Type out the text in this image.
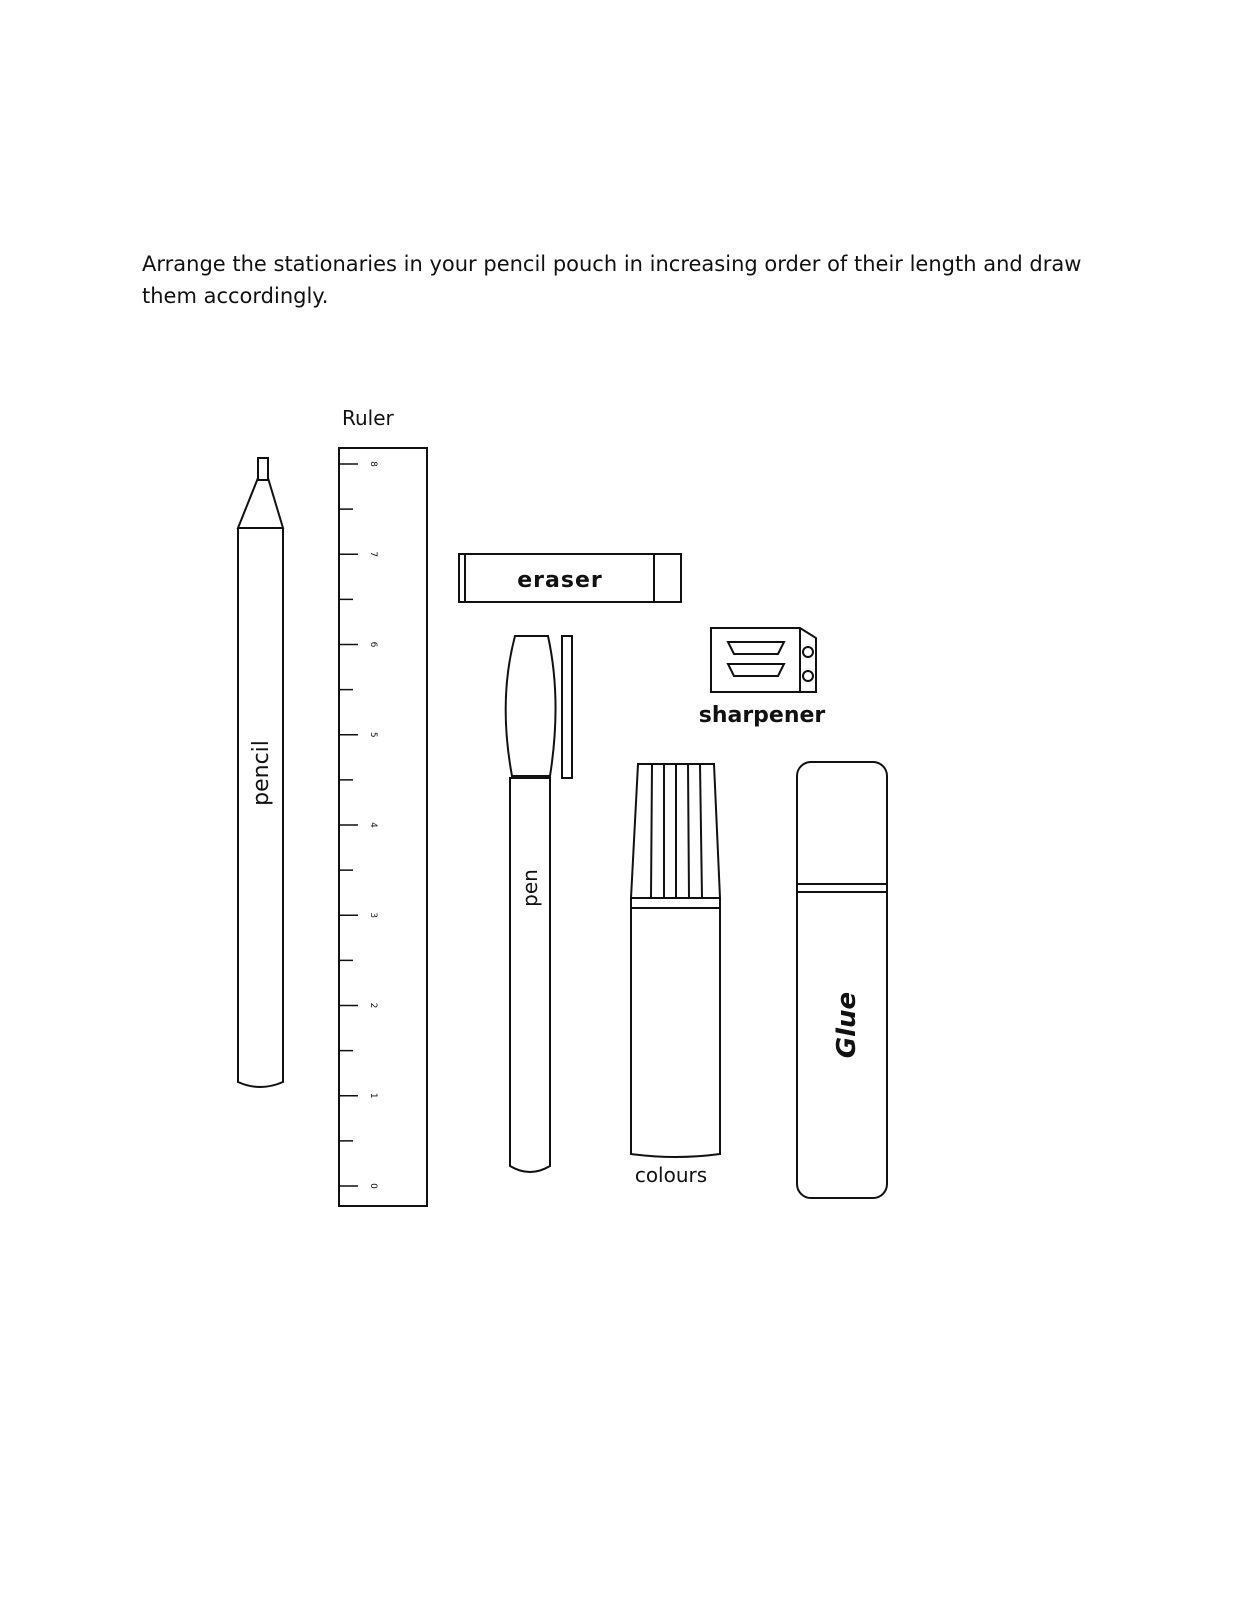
Arrange the stationaries in your pencil pouch in increasing order of their length and draw them accordingly.
pencil
Ruler
8
7
6
5
4
3
2
1
0
eraser
pen
sharpener
colours
Glue
